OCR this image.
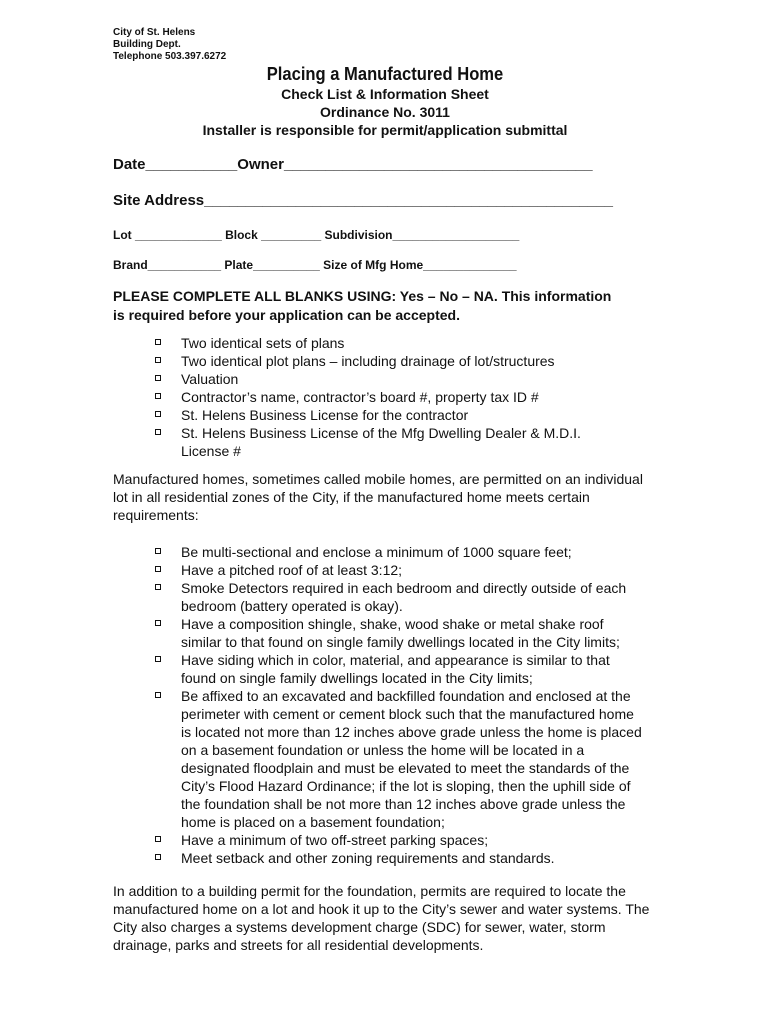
City of St. Helens
Building Dept.
Telephone 503.397.6272
Placing a Manufactured Home
Check List & Information Sheet
Ordinance No. 3011
Installer is responsible for permit/application submittal
Date___________Owner_____________________________________
Site Address_________________________________________________
Lot _____________ Block _________ Subdivision___________________
Brand___________ Plate__________ Size of Mfg Home______________
PLEASE COMPLETE ALL BLANKS USING: Yes – No – NA. This information is required before your application can be accepted.
Two identical sets of plans
Two identical plot plans – including drainage of lot/structures
Valuation
Contractor’s name, contractor’s board #, property tax ID #
St. Helens Business License for the contractor
St. Helens Business License of the Mfg Dwelling Dealer & M.D.I. License #
Manufactured homes, sometimes called mobile homes, are permitted on an individual lot in all residential zones of the City, if the manufactured home meets certain requirements:
Be multi-sectional and enclose a minimum of 1000 square feet;
Have a pitched roof of at least 3:12;
Smoke Detectors required in each bedroom and directly outside of each bedroom (battery operated is okay).
Have a composition shingle, shake, wood shake or metal shake roof similar to that found on single family dwellings located in the City limits;
Have siding which in color, material, and appearance is similar to that found on single family dwellings located in the City limits;
Be affixed to an excavated and backfilled foundation and enclosed at the perimeter with cement or cement block such that the manufactured home is located not more than 12 inches above grade unless the home is placed on a basement foundation or unless the home will be located in a designated floodplain and must be elevated to meet the standards of the City’s Flood Hazard Ordinance; if the lot is sloping, then the uphill side of the foundation shall be not more than 12 inches above grade unless the home is placed on a basement foundation;
Have a minimum of two off-street parking spaces;
Meet setback and other zoning requirements and standards.
In addition to a building permit for the foundation, permits are required to locate the manufactured home on a lot and hook it up to the City’s sewer and water systems. The City also charges a systems development charge (SDC) for sewer, water, storm drainage, parks and streets for all residential developments.
